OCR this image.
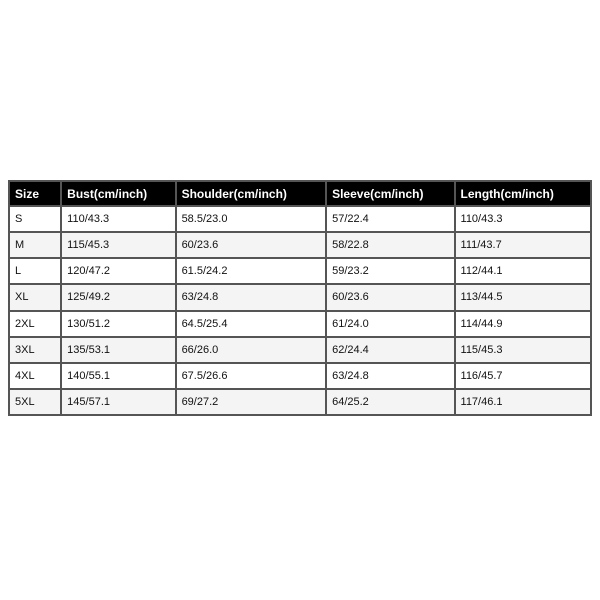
Size	Bust(cm/inch)	Shoulder(cm/inch)	Sleeve(cm/inch)	Length(cm/inch)
S	110/43.3	58.5/23.0	57/22.4	110/43.3
M	115/45.3	60/23.6	58/22.8	111/43.7
L	120/47.2	61.5/24.2	59/23.2	112/44.1
XL	125/49.2	63/24.8	60/23.6	113/44.5
2XL	130/51.2	64.5/25.4	61/24.0	114/44.9
3XL	135/53.1	66/26.0	62/24.4	115/45.3
4XL	140/55.1	67.5/26.6	63/24.8	116/45.7
5XL	145/57.1	69/27.2	64/25.2	117/46.1
